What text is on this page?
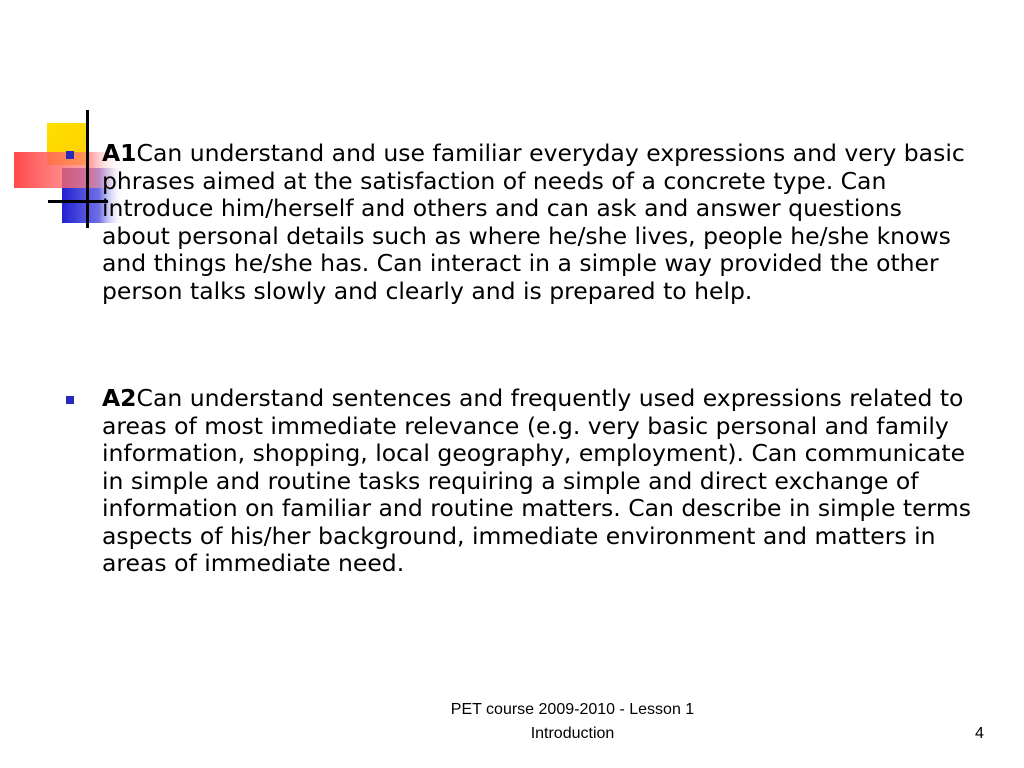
A1Can understand and use familiar everyday expressions and very basic phrases aimed at the satisfaction of needs of a concrete type. Can introduce him/herself and others and can ask and answer questions about personal details such as where he/she lives, people he/she knows and things he/she has. Can interact in a simple way provided the other person talks slowly and clearly and is prepared to help.
A2Can understand sentences and frequently used expressions related to areas of most immediate relevance (e.g. very basic personal and family information, shopping, local geography, employment). Can communicate in simple and routine tasks requiring a simple and direct exchange of information on familiar and routine matters. Can describe in simple terms aspects of his/her background, immediate environment and matters in areas of immediate need.
PET course 2009-2010 - Lesson 1
Introduction	4
